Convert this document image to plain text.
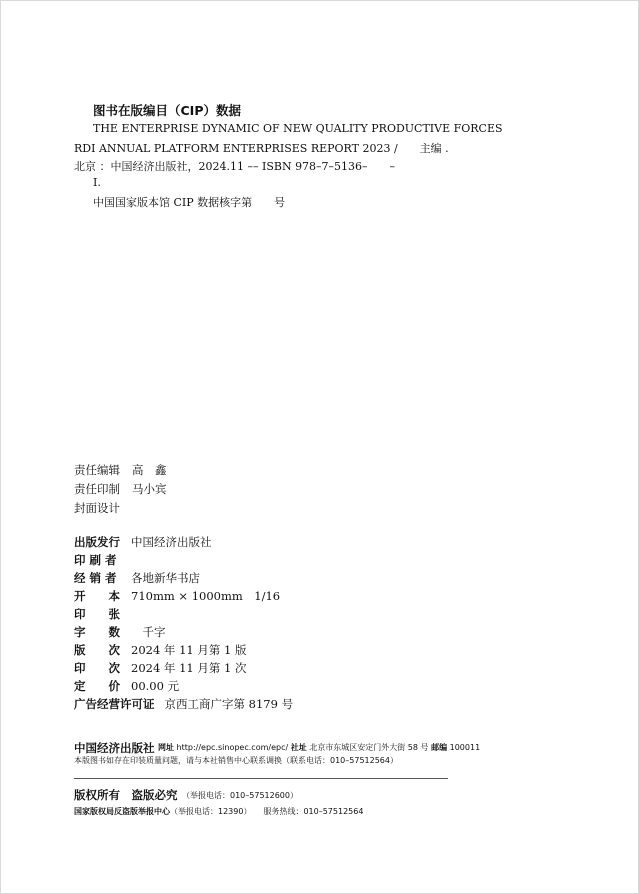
图书在版编目（CIP）数据
THE ENTERPRISE DYNAMIC OF NEW QUALITY PRODUCTIVE FORCES
RDI ANNUAL PLATFORM ENTERPRISES REPORT 2023 /　　主编 .
北京 ：中国经济出版社，2024.11 –– ISBN 978–7–5136–　　–
Ⅰ.
中国国家版本馆 CIP 数据核字第　　号
责任编辑 高　鑫
责任印制 马小宾
封面设计
出版发行 中国经济出版社
印 刷 者
经 销 者 各地新华书店
开　　本 710mm × 1000mm　1/16
印　　张
字　　数　千字
版　　次 2024 年 11 月第 1 版
印　　次 2024 年 11 月第 1 次
定　　价 00.00 元
广告经营许可证 京西工商广字第 8179 号
中国经济出版社 网址 http://epc.sinopec.com/epc/ 社址 北京市东城区安定门外大街 58 号 邮编 100011
本版图书如存在印装质量问题，请与本社销售中心联系调换（联系电话：010–57512564）
版权所有　盗版必究 （举报电话：010–57512600）
国家版权局反盗版举报中心（举报电话：12390）　　服务热线：010–57512564
